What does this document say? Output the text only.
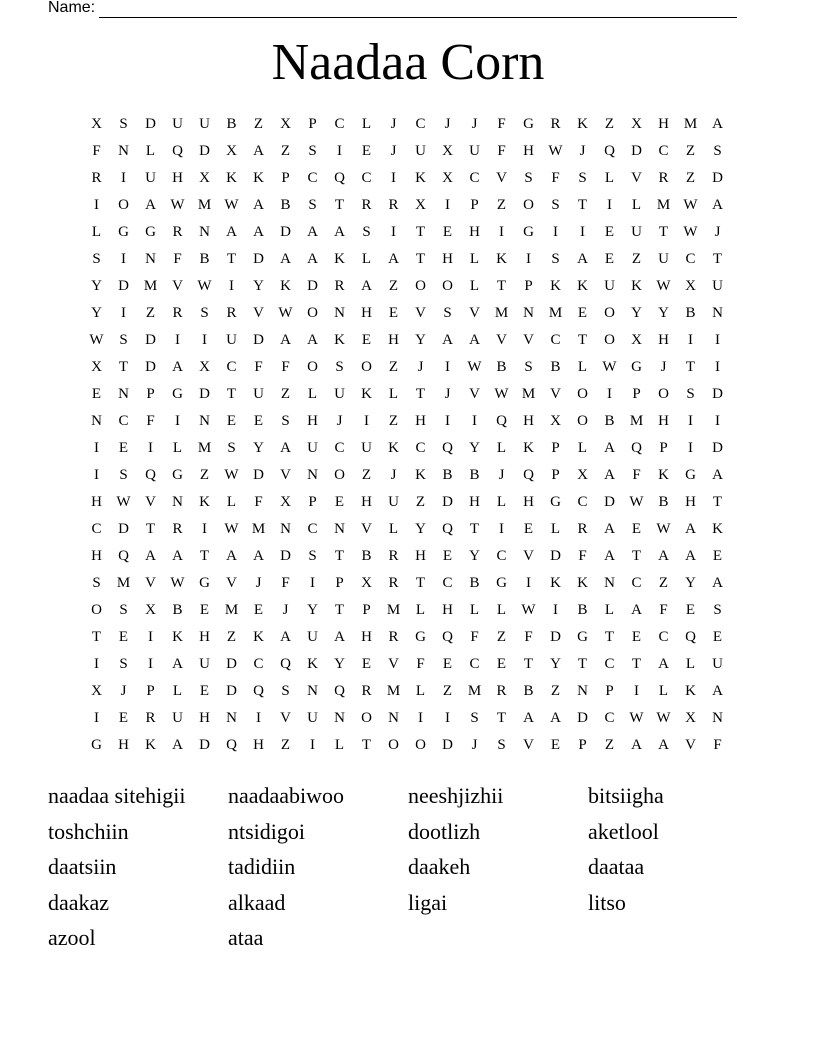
Name:
Naadaa Corn
X	S	D	U	U	B	Z	X	P	C	L	J	C	J	J	F	G	R	K	Z	X	H M A
F	N	L	Q	D	X	A	Z	S	I	E	J	U	X	U	F	H W	J	Q	D	C	Z	S
R	I	U	H	X	K	K	P	C	Q	C	I	K	X	C	V	S	F	S	L	V	R	Z	D
I	O	A W M W A	B	S	T	R	R	X	I	P	Z	O	S	T	I	L	M W A
L	G	G	R	N	A	A	D	A	A	S	I	T	E	H	I	G	I	I	E	U	T	W	J
S	I	N	F	B	T	D	A	A	K	L	A	T	H	L	K	I	S	A	E	Z	U	C	T
Y	D M V W	I	Y	K	D	R	A	Z	O	O	L	T	P	K	K	U	K W X	U
Y	I	Z	R	S	R	V W O	N	H	E	V	S	V M N M	E	O	Y	Y	B	N
W	S	D	I	I	U	D	A	A	K	E	H	Y	A	A	V	V	C	T	O	X	H	I	I
X	T	D	A	X	C	F	F	O	S	O	Z	J	I	W B	S	B	L	W G	J	T	I
E	N	P	G	D	T	U	Z	L	U	K	L	T	J	V W M V	O	I	P	O	S	D
N	C	F	I	N	E	E	S	H	J	I	Z	H	I	I	Q	H	X	O	B	M H	I	I
I	E	I	L	M	S	Y	A	U	C	U	K	C	Q	Y	L	K	P	L	A	Q	P	I	D
I	S	Q	G	Z	W D	V	N	O	Z	J	K	B	B	J	Q	P	X	A	F	K	G	A
H W V	N	K	L	F	X	P	E	H	U	Z	D	H	L	H	G	C	D W B	H	T
C	D	T	R	I	W M N	C	N	V	L	Y	Q	T	I	E	L	R	A	E	W A	K
H	Q	A	A	T	A	A	D	S	T	B	R	H	E	Y	C	V	D	F	A	T	A	A	E
S	M V W G	V	J	F	I	P	X	R	T	C	B	G	I	K	K	N	C	Z	Y	A
O	S	X	B	E	M	E	J	Y	T	P	M	L	H	L	L	W	I	B	L	A	F	E	S
T	E	I	K	H	Z	K	A	U	A	H	R	G	Q	F	Z	F	D	G	T	E	C	Q	E
I	S	I	A	U	D	C	Q	K	Y	E	V	F	E	C	E	T	Y	T	C	T	A	L	U
X	J	P	L	E	D	Q	S	N	Q	R	M	L	Z	M	R	B	Z	N	P	I	L	K	A
I	E	R	U	H	N	I	V	U	N	O	N	I	I	S	T	A	A	D	C W W X	N
G	H	K	A	D	Q	H	Z	I	L	T	O	O	D	J	S	V	E	P	Z	A	A	V	F
naadaa sitehigii	naadaabiwoo	neeshjizhii	bitsiigha
toshchiin	ntsidigoi	dootlizh	aketlool
daatsiin	tadidiin	daakeh	daataa
daakaz	alkaad	ligai	litso
azool	ataa
